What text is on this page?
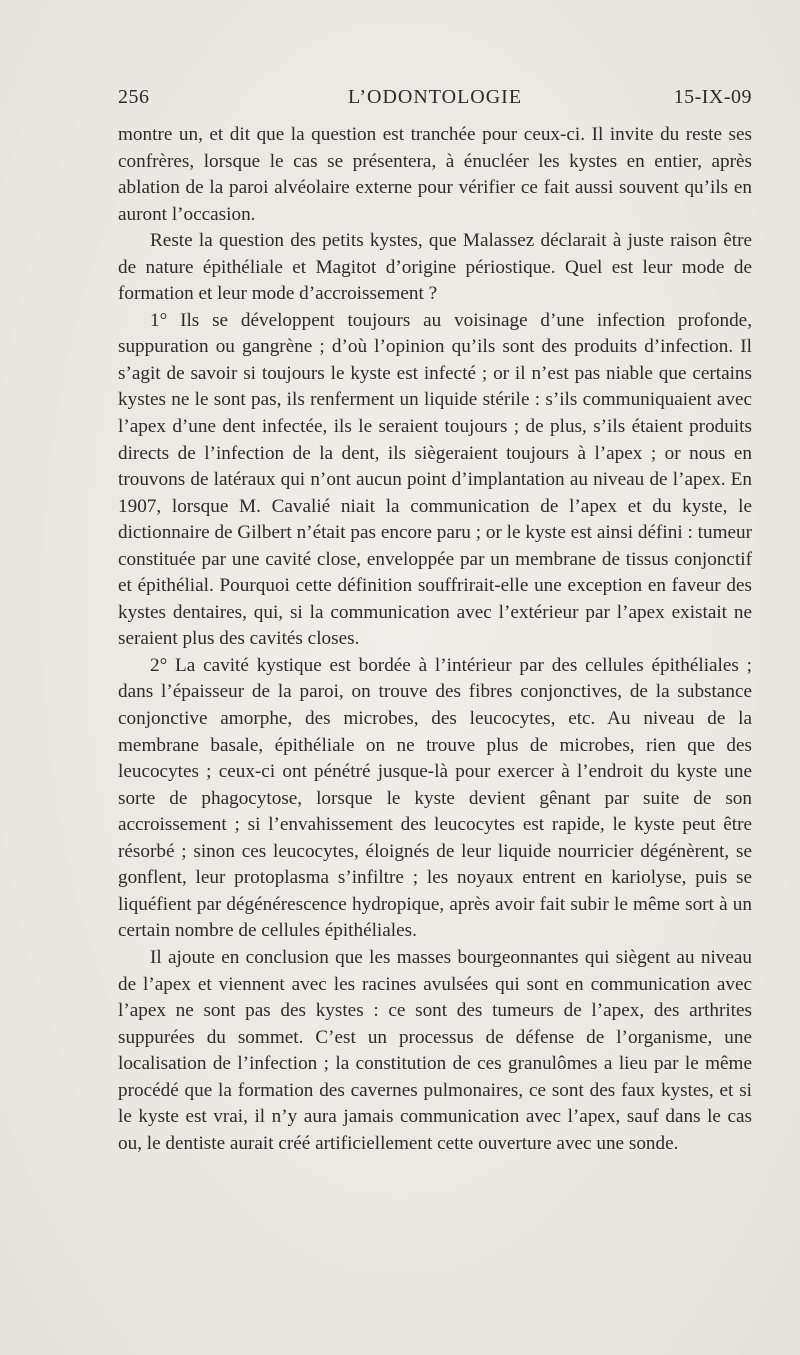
256	L’ODONTOLOGIE	15-IX-09

montre un, et dit que la question est tranchée pour ceux-ci. Il invite du reste ses confrères, lorsque le cas se présentera, à énucléer les kystes en entier, après ablation de la paroi alvéolaire externe pour vérifier ce fait aussi souvent qu’ils en auront l’occasion.

Reste la question des petits kystes, que Malassez déclarait à juste raison être de nature épithéliale et Magitot d’origine périostique. Quel est leur mode de formation et leur mode d’accroissement ?

1° Ils se développent toujours au voisinage d’une infection profonde, suppuration ou gangrène ; d’où l’opinion qu’ils sont des produits d’infection. Il s’agit de savoir si toujours le kyste est infecté ; or il n’est pas niable que certains kystes ne le sont pas, ils renferment un liquide stérile : s’ils communiquaient avec l’apex d’une dent infectée, ils le seraient toujours ; de plus, s’ils étaient produits directs de l’infection de la dent, ils siègeraient toujours à l’apex ; or nous en trouvons de latéraux qui n’ont aucun point d’implantation au niveau de l’apex. En 1907, lorsque M. Cavalié niait la communication de l’apex et du kyste, le dictionnaire de Gilbert n’était pas encore paru ; or le kyste est ainsi défini : tumeur constituée par une cavité close, enveloppée par un membrane de tissus conjonctif et épithélial. Pourquoi cette définition souffrirait-elle une exception en faveur des kystes dentaires, qui, si la communication avec l’extérieur par l’apex existait ne seraient plus des cavités closes.

2° La cavité kystique est bordée à l’intérieur par des cellules épithéliales ; dans l’épaisseur de la paroi, on trouve des fibres conjonctives, de la substance conjonctive amorphe, des microbes, des leucocytes, etc. Au niveau de la membrane basale, épithéliale on ne trouve plus de microbes, rien que des leucocytes ; ceux-ci ont pénétré jusque-là pour exercer à l’endroit du kyste une sorte de phagocytose, lorsque le kyste devient gênant par suite de son accroissement ; si l’envahissement des leucocytes est rapide, le kyste peut être résorbé ; sinon ces leucocytes, éloignés de leur liquide nourricier dégénèrent, se gonflent, leur protoplasma s’infiltre ; les noyaux entrent en kariolyse, puis se liquéfient par dégénérescence hydropique, après avoir fait subir le même sort à un certain nombre de cellules épithéliales.

Il ajoute en conclusion que les masses bourgeonnantes qui siègent au niveau de l’apex et viennent avec les racines avulsées qui sont en communication avec l’apex ne sont pas des kystes : ce sont des tumeurs de l’apex, des arthrites suppurées du sommet. C’est un processus de défense de l’organisme, une localisation de l’infection ; la constitution de ces granulômes a lieu par le même procédé que la formation des cavernes pulmonaires, ce sont des faux kystes, et si le kyste est vrai, il n’y aura jamais communication avec l’apex, sauf dans le cas ou, le dentiste aurait créé artificiellement cette ouverture avec une sonde.
